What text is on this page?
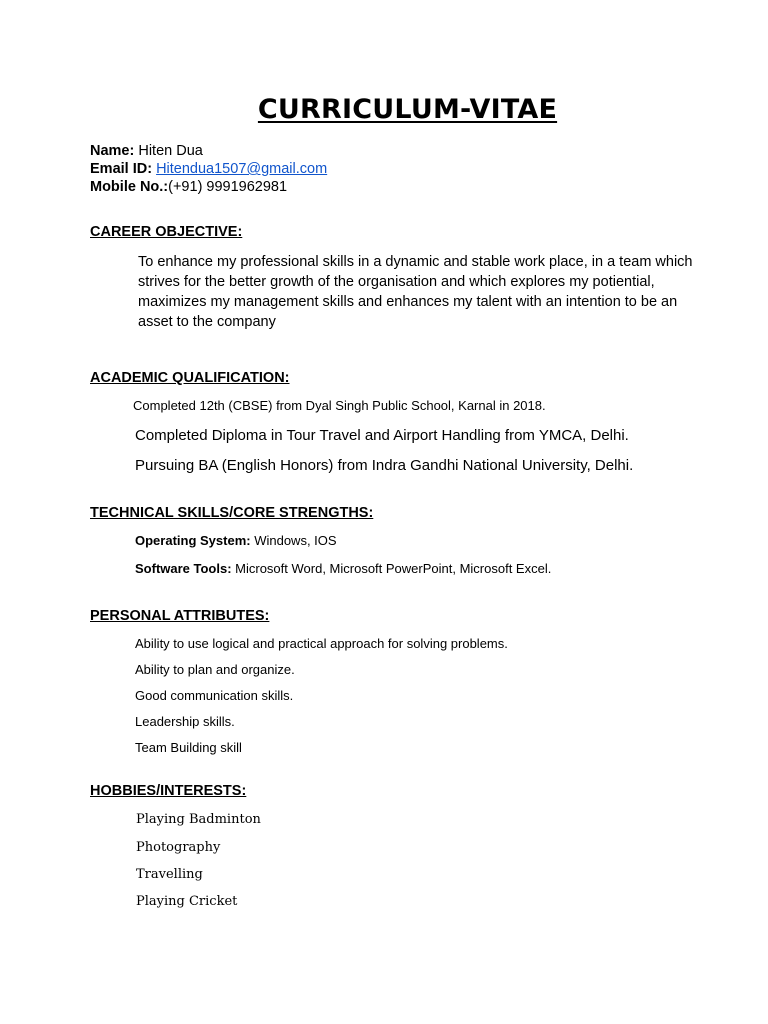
CURRICULUM-VITAE
Name: Hiten Dua
Email ID: Hitendua1507@gmail.com
Mobile No.:(+91) 9991962981
CAREER OBJECTIVE:
To enhance my professional skills in a dynamic and stable work place, in a team which strives for the better growth of the organisation and which explores my potiential, maximizes my management skills and enhances my talent with an intention to be an asset to the company
ACADEMIC QUALIFICATION:
Completed 12th (CBSE) from Dyal Singh Public School, Karnal in 2018.
Completed Diploma in Tour Travel and Airport Handling from YMCA, Delhi.
Pursuing BA (English Honors) from Indra Gandhi National University, Delhi.
TECHNICAL SKILLS/CORE STRENGTHS:
Operating System: Windows, IOS
Software Tools: Microsoft Word, Microsoft PowerPoint, Microsoft Excel.
PERSONAL ATTRIBUTES:
Ability to use logical and practical approach for solving problems.
Ability to plan and organize.
Good communication skills.
Leadership skills.
Team Building skill
HOBBIES/INTERESTS:
Playing Badminton
Photography
Travelling
Playing Cricket
